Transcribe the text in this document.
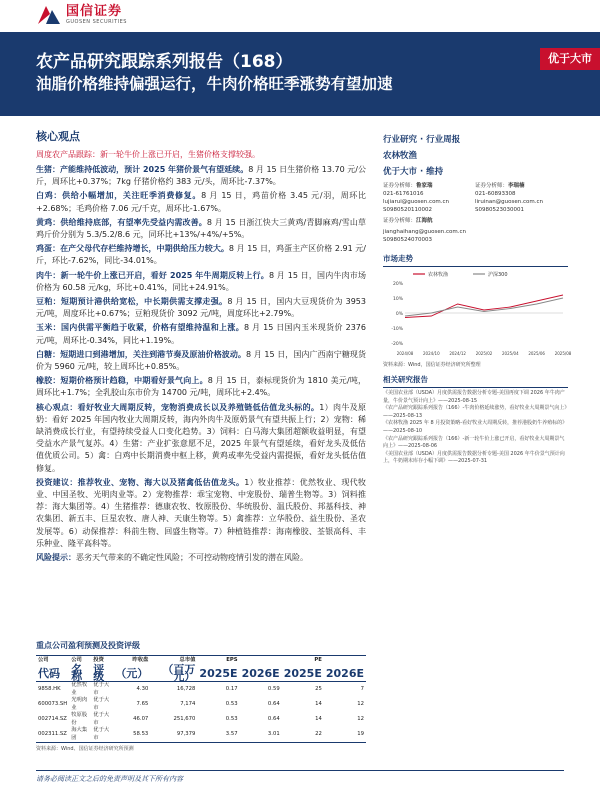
国信证券
GUOSEN SECURITIES
农产品研究跟踪系列报告（168）
油脂价格维持偏强运行，牛肉价格旺季涨势有望加速
优于大市
核心观点
周度农产品跟踪：新一轮牛价上涨已开启，生猪价格支撑较强。
生猪：产能维持低波动，预计 2025 年猪价景气有望延续。8 月 15 日生猪价格 13.70 元/公斤，周环比+0.37%；7kg 仔猪价格约 383 元/头，周环比-7.37%。
白鸡：供给小幅增加，关注旺季消费修复。8 月 15 日，鸡苗价格 3.45 元/羽，周环比+2.68%；毛鸡价格 7.06 元/千克，周环比-1.67%。
黄鸡：供给维持底部，有望率先受益内需改善。8 月 15 日浙江快大三黄鸡/青脚麻鸡/雪山草鸡斤价分别为 5.3/5.2/8.6 元，同环比+13%/+4%/+5%。
鸡蛋：在产父母代存栏维持增长，中期供给压力较大。8 月 15 日，鸡蛋主产区价格 2.91 元/斤，环比-7.62%，同比-34.01%。
肉牛：新一轮牛价上涨已开启，看好 2025 年牛周期反转上行。8 月 15 日，国内牛肉市场价格为 60.58 元/kg，环比+0.41%，同比+24.91%。
豆粕：短期预计港供给宽松，中长期供需支撑走强。8 月 15 日，国内大豆现货价为 3953 元/吨，周度环比+0.67%；豆粕现货价 3092 元/吨，周度环比+2.79%。
玉米：国内供需平衡趋于收紧，价格有望维持温和上涨。8 月 15 日国内玉米现货价 2376 元/吨，周环比-0.34%，同比+1.19%。
白糖：短期进口到港增加，关注到港节奏及原油价格波动。8 月 15 日，国内广西南宁糖现货价为 5960 元/吨，较上周环比+0.85%。
橡胶：短期价格预计趋稳，中期看好景气向上。8 月 15 日，泰标现货价为 1810 美元/吨，周环比+1.7%；全乳胶山东市价为 14700 元/吨，周环比+2.4%。
核心观点：看好牧业大周期反转，宠物消费成长以及养殖链低估值龙头标的。1）肉牛及原奶：看好 2025 年国内牧业大周期反转，海内外肉牛及原奶景气有望共振上行；2）宠物：稀缺消费成长行业，有望持续受益人口变化趋势。3）饲料：白马海大集团超额收益明显，有望受益水产景气复苏。4）生猪：产业扩张意愿不足，2025 年景气有望延续，看好龙头及低估值优质公司。5）禽：白鸡中长期消费中枢上移，黄鸡或率先受益内需提振，看好龙头低估值修复。
投资建议：推荐牧业、宠物、海大以及猪禽低估值龙头。1）牧业推荐：优然牧业、现代牧业、中国圣牧、光明肉业等。2）宠物推荐：乖宝宠物、中宠股份、瑞普生物等。3）饲料推荐：海大集团等。4）生猪推荐：德康农牧、牧原股份、华统股份、温氏股份、邦基科技、神农集团、新五丰、巨星农牧、唐人神、天康生物等。5）禽推荐：立华股份、益生股份、圣农发展等。6）动保推荐：科前生物、回盛生物等。7）种植链推荐：海南橡胶、荃银高科、丰乐种业、隆平高科等。
风险提示：恶劣天气带来的不确定性风险；不可控动物疫情引发的潜在风险。
行业研究 · 行业周报
农林牧渔
优于大市 · 维持
证券分析师：鲁家瑞
021-61761016
lujiarui@guosen.com.cn
S0980520110002
证券分析师：李瑞楠
021-60893308
liruinan@guosen.com.cn
S0980523030001
证券分析师：江海航
jianghaihang@guosen.com.cn
S0980524070003
市场走势
农林牧渔	沪深300
20%
10%
0%
-10%
-20%
2024/08 2024/10 2024/12 2025/02 2025/04 2025/06 2025/08
资料来源：Wind，国信证券经济研究所整理
相关研究报告
《美国农业部（USDA）月度供需报告数据分析专题-美国再度下调 2026 年牛肉产量，牛价景气预计向上》——2025-08-15
《农产品研究跟踪系列报告（166）-牛肉价格延续涨势，看好牧业大周期景气向上》——2025-08-13
《农林牧渔 2025 年 8 月投资策略-看好牧业大周期反转，推荐港股奶牛养殖标的》——2025-08-10
《农产品研究跟踪系列报告（166）-新一轮牛价上涨已开启，看好牧业大周期景气向上》——2025-08-06
《美国农业部（USDA）月度供需报告数据分析专题-美国 2026 年牛价景气预计向上，牛奶期末库存小幅下调》——2025-07-31
重点公司盈利预测及投资评级
公司	公司	投资	昨收盘	总市值	EPS		PE	
代码	名称	评级	（元）	（百万元）	2025E	2026E	2025E	2026E
9858.HK	优然牧业	优于大市	4.30	16,728	0.17	0.59	25	7
600073.SH	光明肉业	优于大市	7.65	7,174	0.53	0.64	14	12
002714.SZ	牧原股份	优于大市	46.07	251,670	0.53	0.64	14	12
002311.SZ	海大集团	优于大市	58.53	97,379	3.57	3.01	22	19
资料来源：Wind、国信证券经济研究所预测
请务必阅读正文之后的免责声明及其下所有内容
